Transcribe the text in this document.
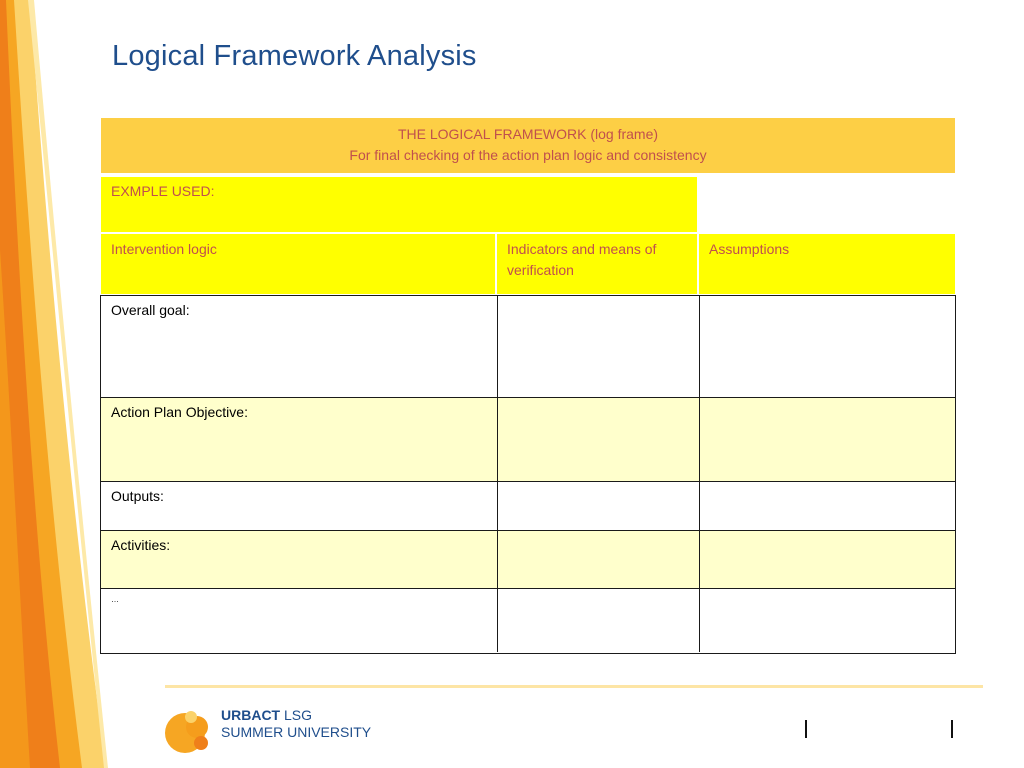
Logical Framework Analysis
THE LOGICAL FRAMEWORK (log frame)
For final checking of the action plan logic and consistency
EXMPLE USED:
Intervention logic	Indicators and means of verification
Assumptions
Overall goal:
Action Plan Objective:
Outputs:
Activities:
…
URBACT LSG
SUMMER UNIVERSITY
